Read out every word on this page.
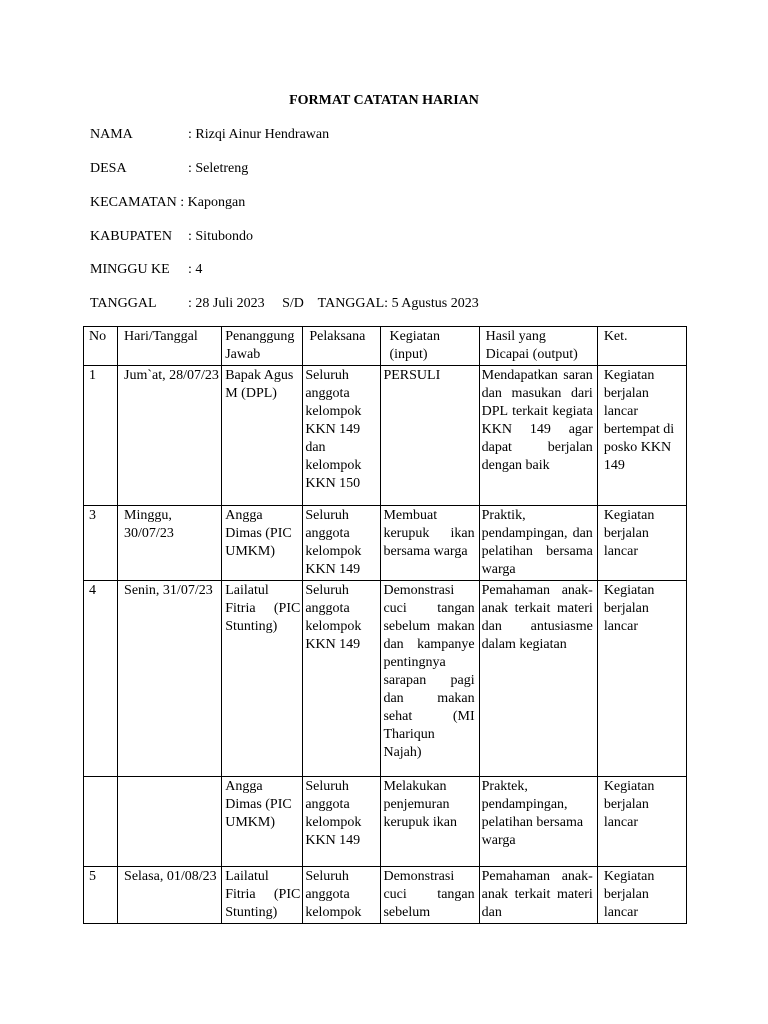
FORMAT CATATAN HARIAN
NAMA	: Rizqi Ainur Hendrawan
DESA	: Seletreng
KECAMATAN : Kapongan
KABUPATEN : Situbondo
MINGGU KE : 4
TANGGAL : 28 Juli 2023     S/D    TANGGAL: 5 Agustus 2023
No	Hari/Tanggal	Penanggung Jawab	Pelaksana	Kegiatan (input)	Hasil yang Dicapai (output)	Ket.
1	Jum`at, 28/07/23	Bapak Agus M (DPL)	Seluruh anggota kelompok KKN 149 dan kelompok KKN 150	PERSULI	Mendapatkan saran dan masukan dari DPL terkait kegiata KKN 149 agar dapat berjalan dengan baik	Kegiatan berjalan lancar bertempat di posko KKN 149
3	Minggu, 30/07/23	Angga Dimas (PIC UMKM)	Seluruh anggota kelompok KKN 149	Membuat kerupuk ikan bersama warga	Praktik, pendampingan, dan pelatihan bersama warga	Kegiatan berjalan lancar
4	Senin, 31/07/23	Lailatul Fitria (PIC Stunting)	Seluruh anggota kelompok KKN 149	Demonstrasi cuci tangan sebelum makan dan kampanye pentingnya sarapan pagi dan makan sehat (MI Thariqun Najah)	Pemahaman anak-anak terkait materi dan antusiasme dalam kegiatan	Kegiatan berjalan lancar
		Angga Dimas (PIC UMKM)	Seluruh anggota kelompok KKN 149	Melakukan penjemuran kerupuk ikan	Praktek, pendampingan, pelatihan bersama warga	Kegiatan berjalan lancar
5	Selasa, 01/08/23	Lailatul Fitria (PIC Stunting)	Seluruh anggota kelompok	Demonstrasi cuci tangan sebelum	Pemahaman anak-anak terkait materi dan	Kegiatan berjalan lancar
